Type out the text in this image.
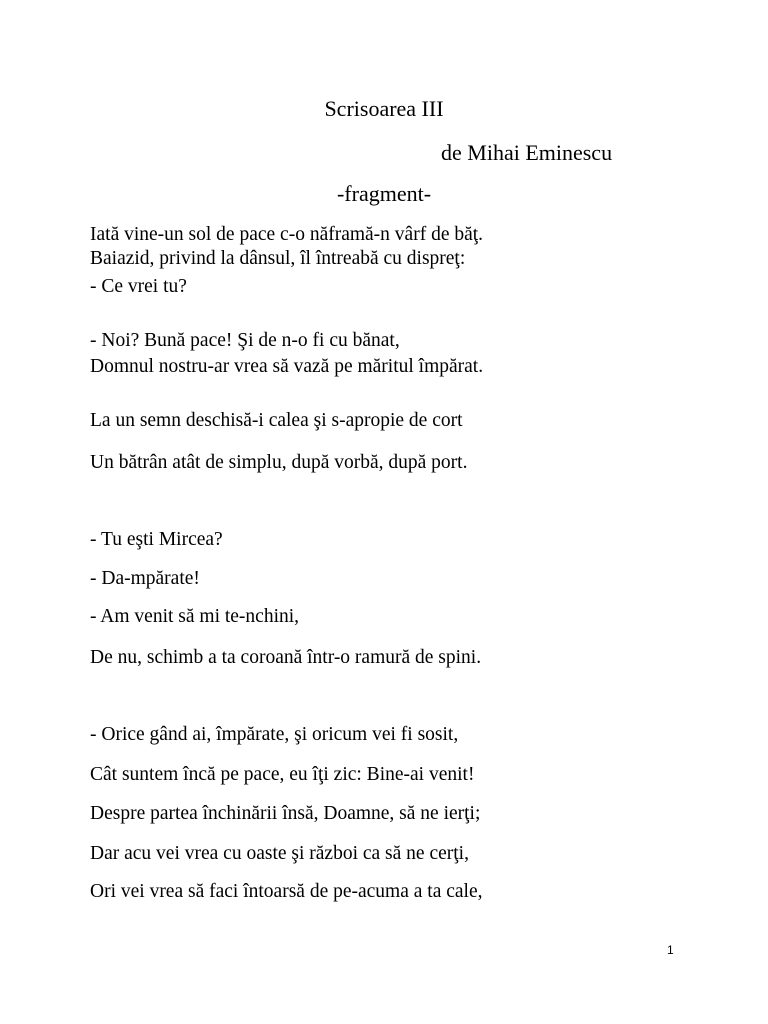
Scrisoarea III
de Mihai Eminescu
-fragment-
Iată vine-un sol de pace c-o năframă-n vârf de băţ.
Baiazid, privind la dânsul, îl întreabă cu dispreţ:
- Ce vrei tu?
- Noi? Bună pace! Şi de n-o fi cu bănat,
Domnul nostru-ar vrea să vază pe măritul împărat.
La un semn deschisă-i calea şi s-apropie de cort
Un bătrân atât de simplu, după vorbă, după port.
- Tu eşti Mircea?
- Da-mpărate!
- Am venit să mi te-nchini,
De nu, schimb a ta coroană într-o ramură de spini.
- Orice gând ai, împărate, şi oricum vei fi sosit,
Cât suntem încă pe pace, eu îţi zic: Bine-ai venit!
Despre partea închinării însă, Doamne, să ne ierţi;
Dar acu vei vrea cu oaste şi război ca să ne cerţi,
Ori vei vrea să faci întoarsă de pe-acuma a ta cale,
1
